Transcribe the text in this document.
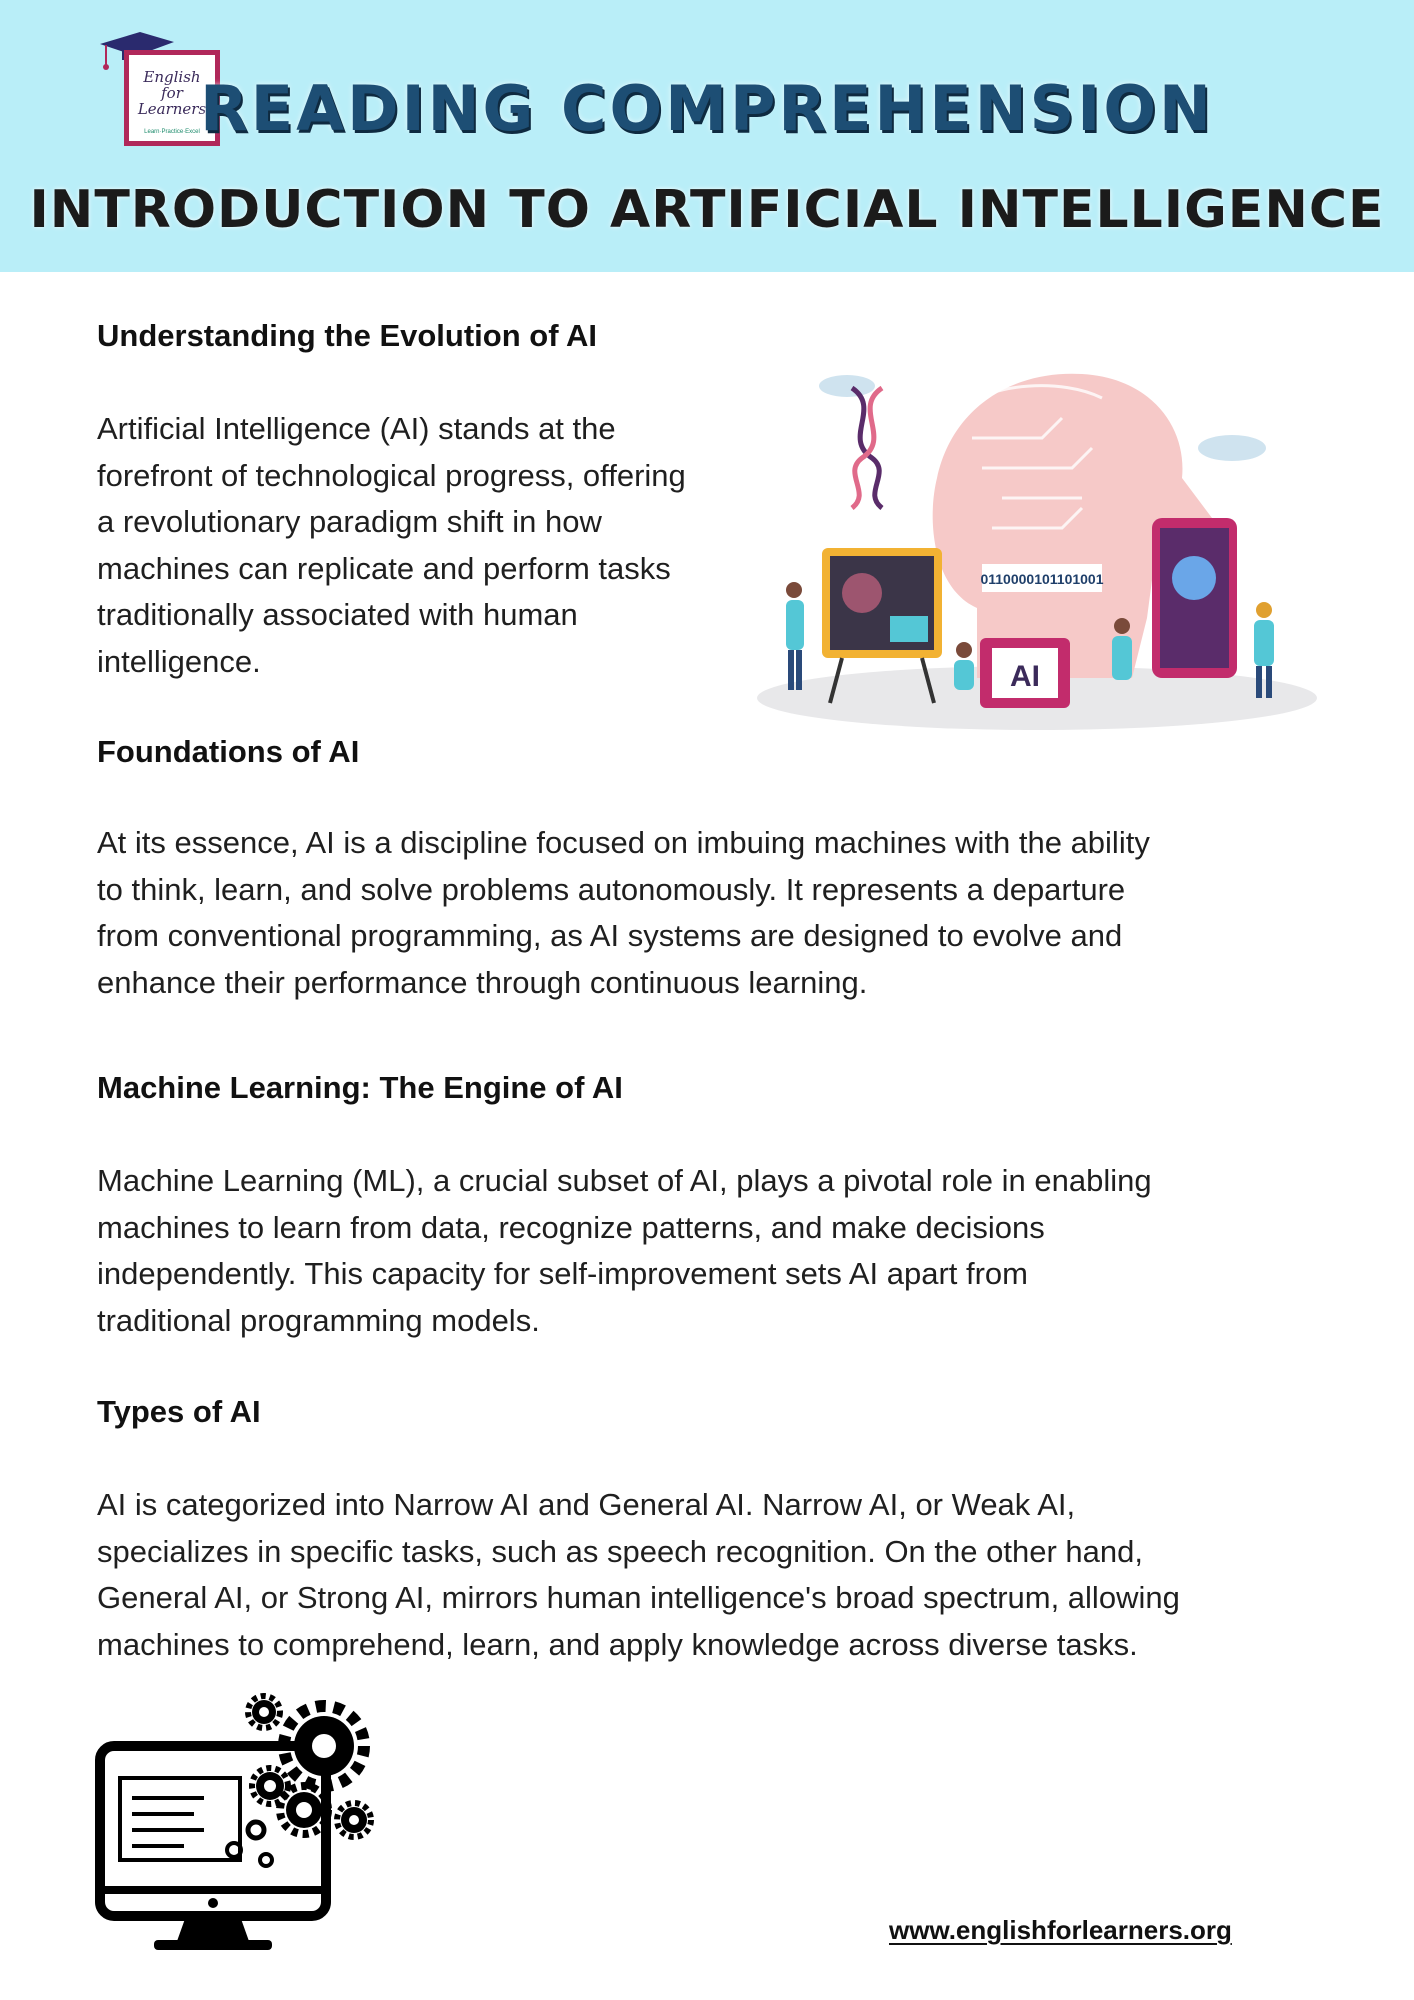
English
for
Learners
Learn·Practice·Excel READING COMPREHENSION
INTRODUCTION TO ARTIFICIAL INTELLIGENCE
Understanding the Evolution of AI

Artificial Intelligence (AI) stands at the

forefront of technological progress, offering

a revolutionary paradigm shift in how

machines can replicate and perform tasks

traditionally associated with human

intelligence.

0110000101101001
AI
Foundations of AI

At its essence, AI is a discipline focused on imbuing machines with the ability

to think, learn, and solve problems autonomously. It represents a departure

from conventional programming, as AI systems are designed to evolve and

enhance their performance through continuous learning.

Machine Learning: The Engine of AI

Machine Learning (ML), a crucial subset of AI, plays a pivotal role in enabling

machines to learn from data, recognize patterns, and make decisions

independently. This capacity for self-improvement sets AI apart from

traditional programming models.

Types of AI

AI is categorized into Narrow AI and General AI. Narrow AI, or Weak AI,

specializes in specific tasks, such as speech recognition. On the other hand,

General AI, or Strong AI, mirrors human intelligence's broad spectrum, allowing

machines to comprehend, learn, and apply knowledge across diverse tasks.

www.englishforlearners.org
